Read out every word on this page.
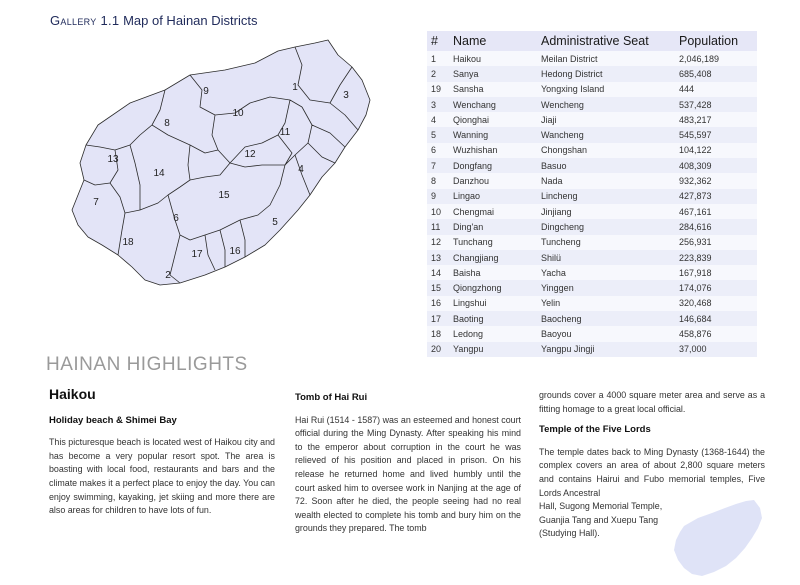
Gallery 1.1 Map of Hainan Districts
1
2
3
4
5
6
7
8
9
10
11
12
13
14
15
16
17
18
#	Name	Administrative Seat	Population
1	Haikou	Meilan District	2,046,189
2	Sanya	Hedong District	685,408
19	Sansha	Yongxing Island	444
3	Wenchang	Wencheng	537,428
4	Qionghai	Jiaji	483,217
5	Wanning	Wancheng	545,597
6	Wuzhishan	Chongshan	104,122
7	Dongfang	Basuo	408,309
8	Danzhou	Nada	932,362
9	Lingao	Lincheng	427,873
10	Chengmai	Jinjiang	467,161
11	Ding'an	Dingcheng	284,616
12	Tunchang	Tuncheng	256,931
13	Changjiang	Shilü	223,839
14	Baisha	Yacha	167,918
15	Qiongzhong	Yinggen	174,076
16	Lingshui	Yelin	320,468
17	Baoting	Baocheng	146,684
18	Ledong	Baoyou	458,876
20	Yangpu	Yangpu Jingji	37,000
HAINAN HIGHLIGHTS
Haikou
Holiday beach & Shimei Bay

This picturesque beach is located west of Haikou city and has become a very popular resort spot. The area is boasting with local food, restaurants and bars and the climate makes it a perfect place to enjoy the day. You can enjoy swimming, kayaking, jet skiing and more there are also areas for children to have lots of fun.

Tomb of Hai Rui

Hai Rui (1514 - 1587) was an esteemed and honest court official during the Ming Dynasty. After speaking his mind to the emperor about corruption in the court he was relieved of his position and placed in prison. On his release he returned home and lived humbly until the court asked him to oversee work in Nanjing at the age of 72. Soon after he died, the people seeing had no real wealth elected to complete his tomb and bury him on the grounds they prepared. The tomb

grounds cover a 4000 square meter area and serve as a fitting homage to a great local official.

Temple of the Five Lords

The temple dates back to Ming Dynasty (1368-1644) the complex covers an area of about 2,800 square meters and contains Hairui and Fubo memorial temples, Five Lords Ancestral

Hall, Sugong Memorial Temple, Guanjia Tang and Xuepu Tang (Studying Hall).
